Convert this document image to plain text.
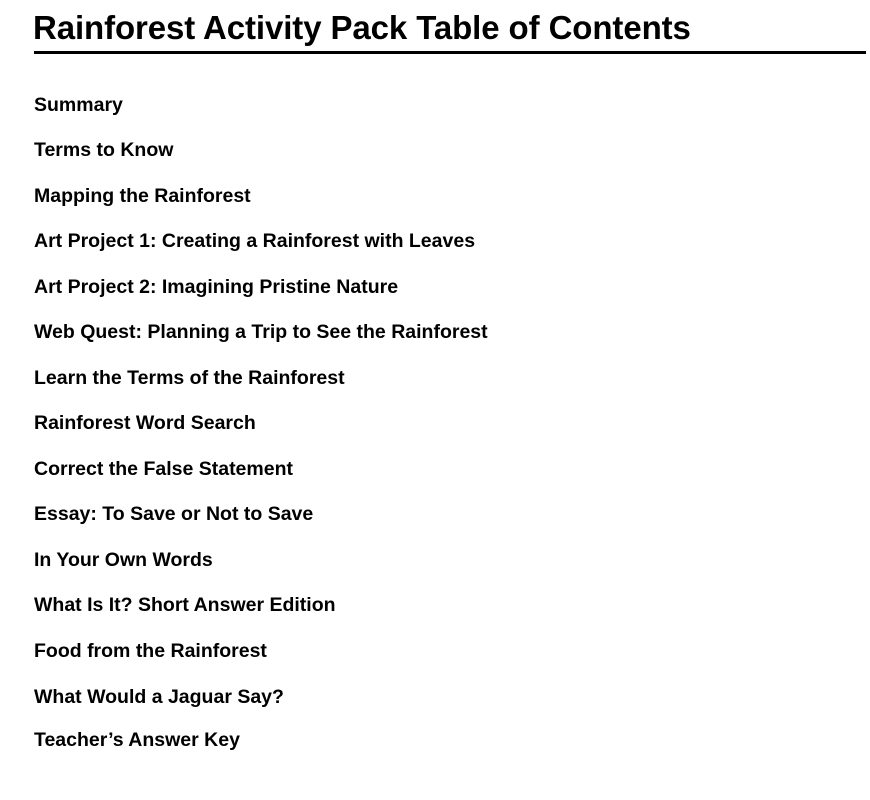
Rainforest Activity Pack Table of Contents
Summary
Terms to Know
Mapping the Rainforest
Art Project 1: Creating a Rainforest with Leaves
Art Project 2: Imagining Pristine Nature
Web Quest: Planning a Trip to See the Rainforest
Learn the Terms of the Rainforest
Rainforest Word Search
Correct the False Statement
Essay: To Save or Not to Save
In Your Own Words
What Is It? Short Answer Edition
Food from the Rainforest
What Would a Jaguar Say?
Teacher’s Answer Key
